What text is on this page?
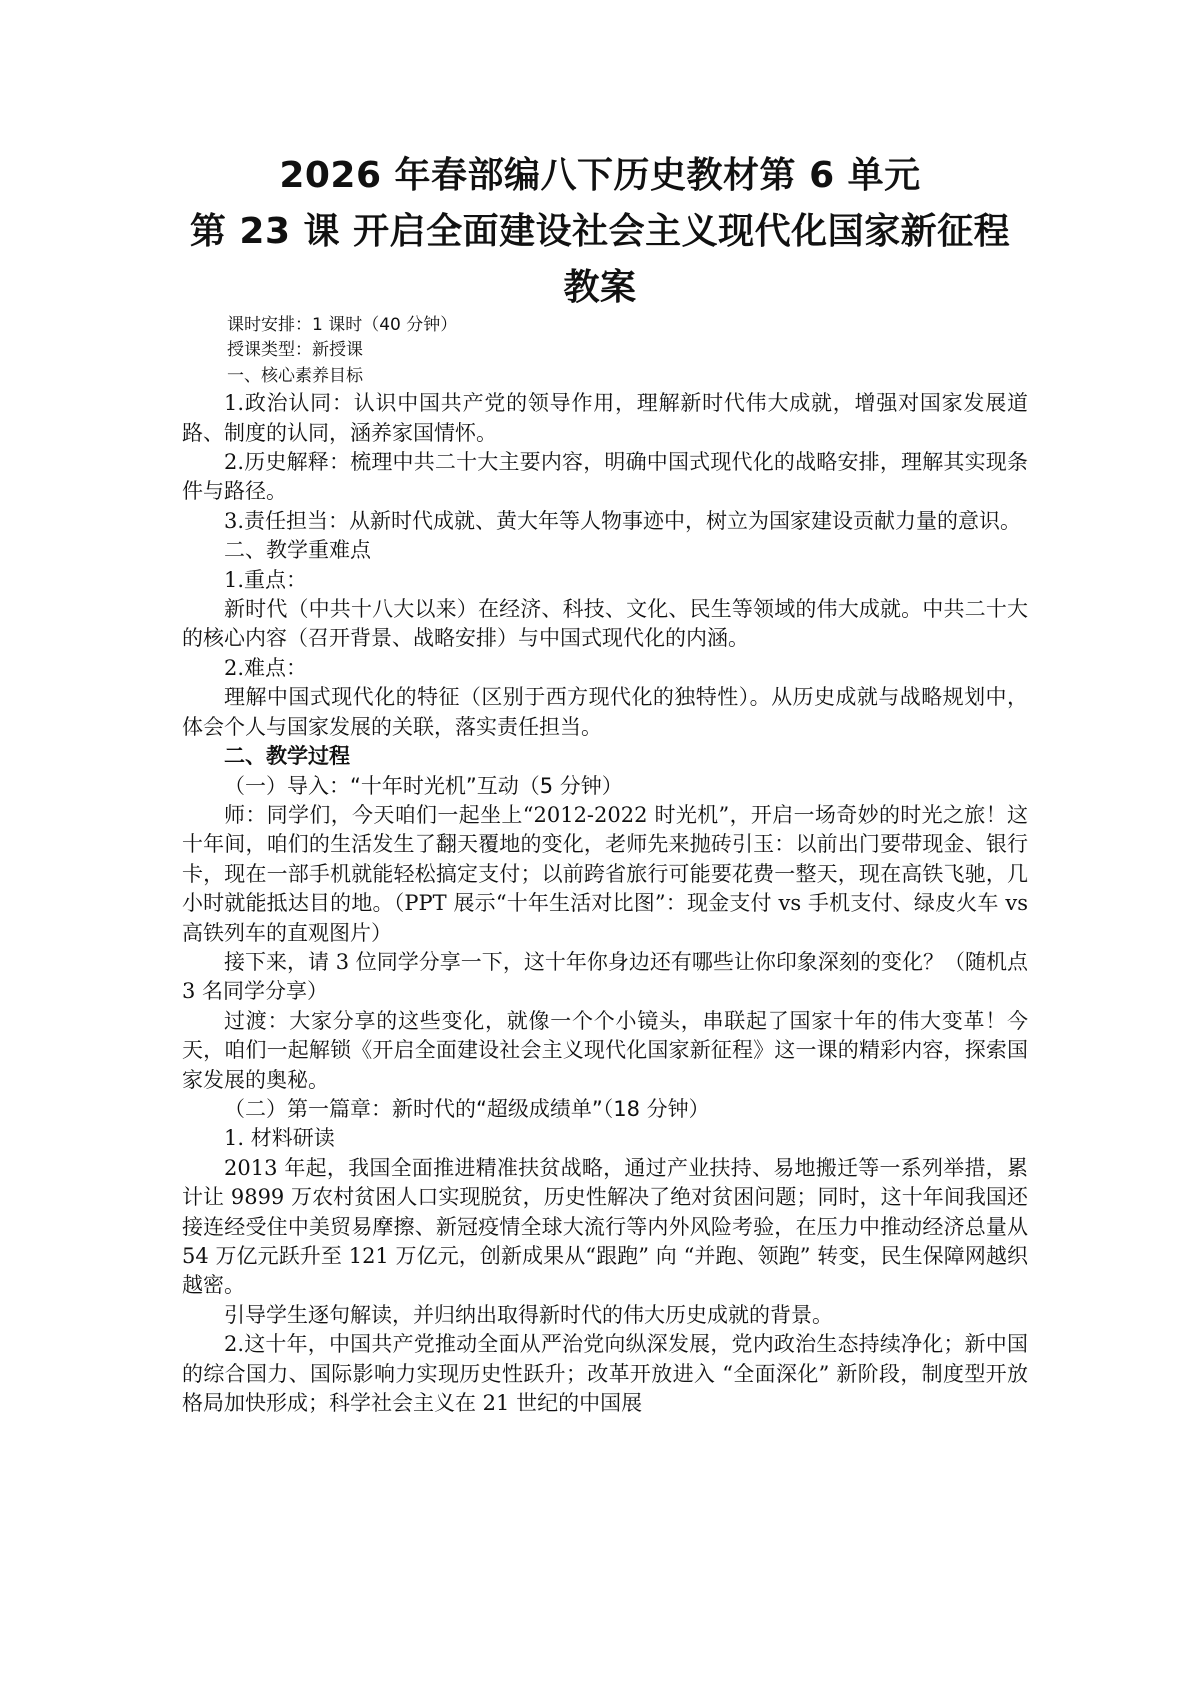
2026 年春部编八下历史教材第 6 单元
第 23 课 开启全面建设社会主义现代化国家新征程
教案

课时安排：1 课时（40 分钟）

授课类型：新授课

一、核心素养目标

1.政治认同：认识中国共产党的领导作用，理解新时代伟大成就，增强对国家发展道路、制度的认同，涵养家国情怀。

2.历史解释：梳理中共二十大主要内容，明确中国式现代化的战略安排，理解其实现条件与路径。

3.责任担当：从新时代成就、黄大年等人物事迹中，树立为国家建设贡献力量的意识。

二、教学重难点

1.重点：

新时代（中共十八大以来）在经济、科技、文化、民生等领域的伟大成就。中共二十大的核心内容（召开背景、战略安排）与中国式现代化的内涵。

2.难点：

理解中国式现代化的特征（区别于西方现代化的独特性）。从历史成就与战略规划中，体会个人与国家发展的关联，落实责任担当。

二、教学过程

（一）导入：“十年时光机”互动（5 分钟）

师：同学们，今天咱们一起坐上“2012-2022 时光机”，开启一场奇妙的时光之旅！这十年间，咱们的生活发生了翻天覆地的变化，老师先来抛砖引玉：以前出门要带现金、银行卡，现在一部手机就能轻松搞定支付；以前跨省旅行可能要花费一整天，现在高铁飞驰，几小时就能抵达目的地。（PPT 展示“十年生活对比图”：现金支付 vs 手机支付、绿皮火车 vs 高铁列车的直观图片）

接下来，请 3 位同学分享一下，这十年你身边还有哪些让你印象深刻的变化？（随机点 3 名同学分享）

过渡：大家分享的这些变化，就像一个个小镜头，串联起了国家十年的伟大变革！今天，咱们一起解锁《开启全面建设社会主义现代化国家新征程》这一课的精彩内容，探索国家发展的奥秘。

（二）第一篇章：新时代的“超级成绩单”（18 分钟）

1. 材料研读

2013 年起，我国全面推进精准扶贫战略，通过产业扶持、易地搬迁等一系列举措，累计让 9899 万农村贫困人口实现脱贫，历史性解决了绝对贫困问题；同时，这十年间我国还接连经受住中美贸易摩擦、新冠疫情全球大流行等内外风险考验，在压力中推动经济总量从 54 万亿元跃升至 121 万亿元，创新成果从“跟跑” 向 “并跑、领跑” 转变，民生保障网越织越密。

引导学生逐句解读，并归纳出取得新时代的伟大历史成就的背景。

2.这十年，中国共产党推动全面从严治党向纵深发展，党内政治生态持续净化；新中国的综合国力、国际影响力实现历史性跃升；改革开放进入 “全面深化” 新阶段，制度型开放格局加快形成；科学社会主义在 21 世纪的中国展
